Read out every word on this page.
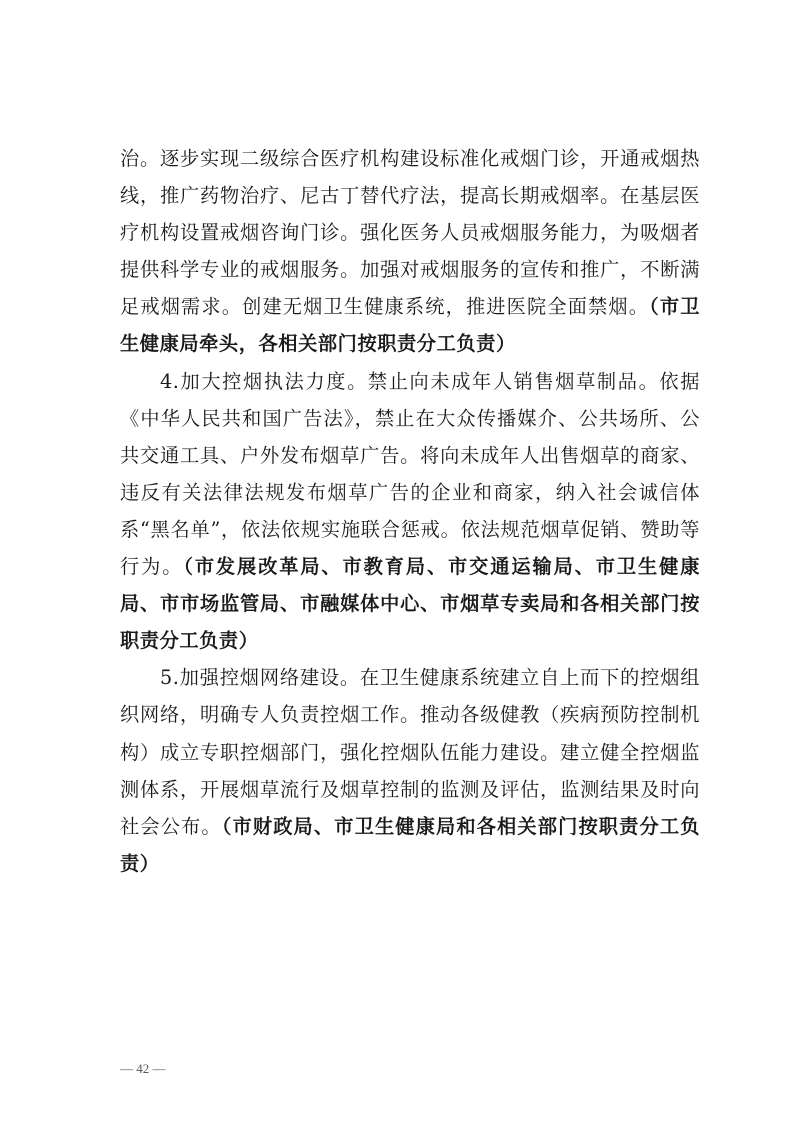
治。逐步实现二级综合医疗机构建设标准化戒烟门诊，开通戒烟热线，推广药物治疗、尼古丁替代疗法，提高长期戒烟率。在基层医疗机构设置戒烟咨询门诊。强化医务人员戒烟服务能力，为吸烟者提供科学专业的戒烟服务。加强对戒烟服务的宣传和推广，不断满足戒烟需求。创建无烟卫生健康系统，推进医院全面禁烟。（市卫生健康局牵头，各相关部门按职责分工负责）

4.加大控烟执法力度。禁止向未成年人销售烟草制品。依据《中华人民共和国广告法》，禁止在大众传播媒介、公共场所、公共交通工具、户外发布烟草广告。将向未成年人出售烟草的商家、违反有关法律法规发布烟草广告的企业和商家，纳入社会诚信体系“黑名单”，依法依规实施联合惩戒。依法规范烟草促销、赞助等行为。（市发展改革局、市教育局、市交通运输局、市卫生健康局、市市场监管局、市融媒体中心、市烟草专卖局和各相关部门按职责分工负责）

5.加强控烟网络建设。在卫生健康系统建立自上而下的控烟组织网络，明确专人负责控烟工作。推动各级健教（疾病预防控制机构）成立专职控烟部门，强化控烟队伍能力建设。建立健全控烟监测体系，开展烟草流行及烟草控制的监测及评估，监测结果及时向社会公布。（市财政局、市卫生健康局和各相关部门按职责分工负责）

— 42 —
